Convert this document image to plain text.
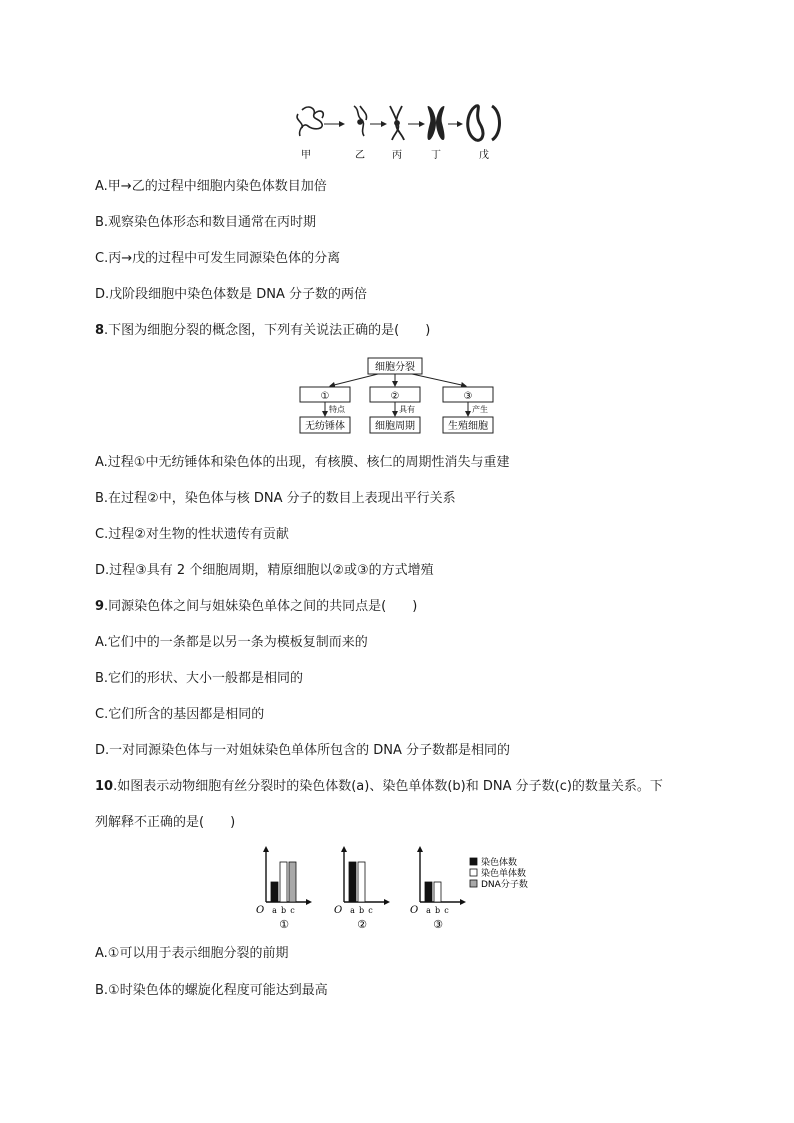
甲	乙	丙	丁	戊
A.甲→乙的过程中细胞内染色体数目加倍
B.观察染色体形态和数目通常在丙时期
C.丙→戊的过程中可发生同源染色体的分离
D.戊阶段细胞中染色体数是 DNA 分子数的两倍
8.下图为细胞分裂的概念图，下列有关说法正确的是(　　)
细胞分裂
①	②	③
特点	具有	产生
无纺锤体	细胞周期	生殖细胞
A.过程①中无纺锤体和染色体的出现，有核膜、核仁的周期性消失与重建
B.在过程②中，染色体与核 DNA 分子的数目上表现出平行关系
C.过程②对生物的性状遗传有贡献
D.过程③具有 2 个细胞周期，精原细胞以②或③的方式增殖
9.同源染色体之间与姐妹染色单体之间的共同点是(　　)
A.它们中的一条都是以另一条为模板复制而来的
B.它们的形状、大小一般都是相同的
C.它们所含的基因都是相同的
D.一对同源染色体与一对姐妹染色单体所包含的 DNA 分子数都是相同的
10.如图表示动物细胞有丝分裂时的染色体数(a)、染色单体数(b)和 DNA 分子数(c)的数量关系。下
列解释不正确的是(　　)
O a b c
①
O a b c
②
O a b c
③
染色体数
染色单体数
DNA分子数
A.①可以用于表示细胞分裂的前期
B.①时染色体的螺旋化程度可能达到最高
